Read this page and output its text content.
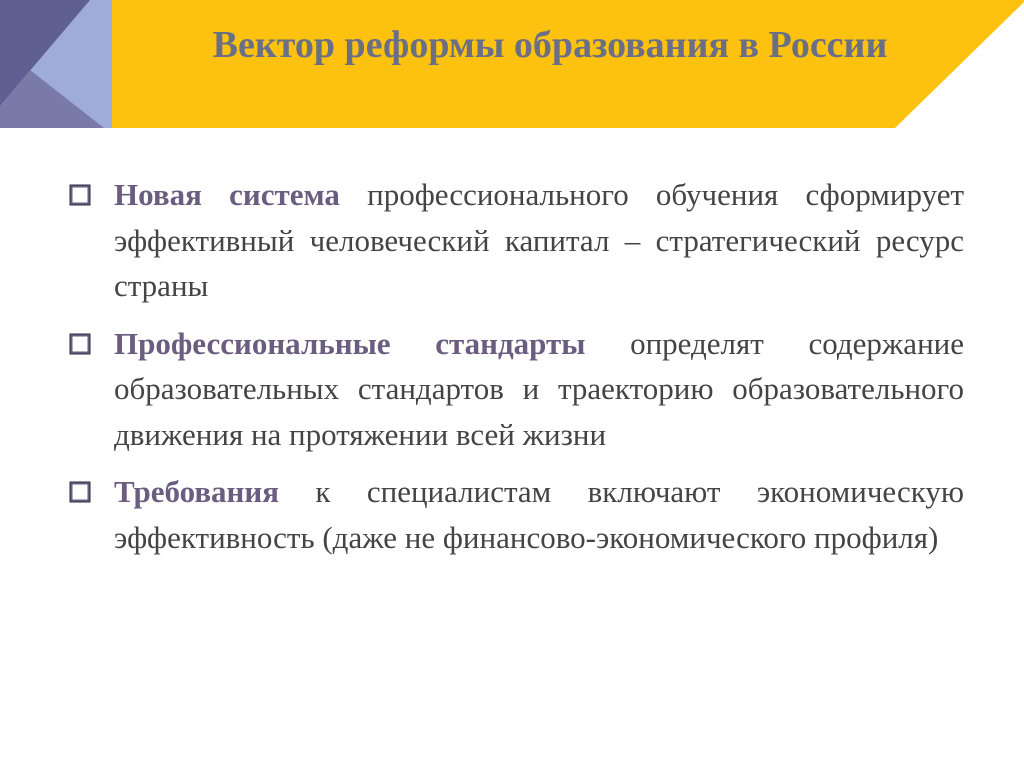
Вектор реформы образования в России
Новая система профессионального обучения сформирует эффективный человеческий капитал – стратегический ресурс страны
Профессиональные стандарты определят содержание образовательных стандартов и траекторию образовательного движения на протяжении всей жизни
Требования к специалистам включают экономическую эффективность (даже не финансово-экономического профиля)
